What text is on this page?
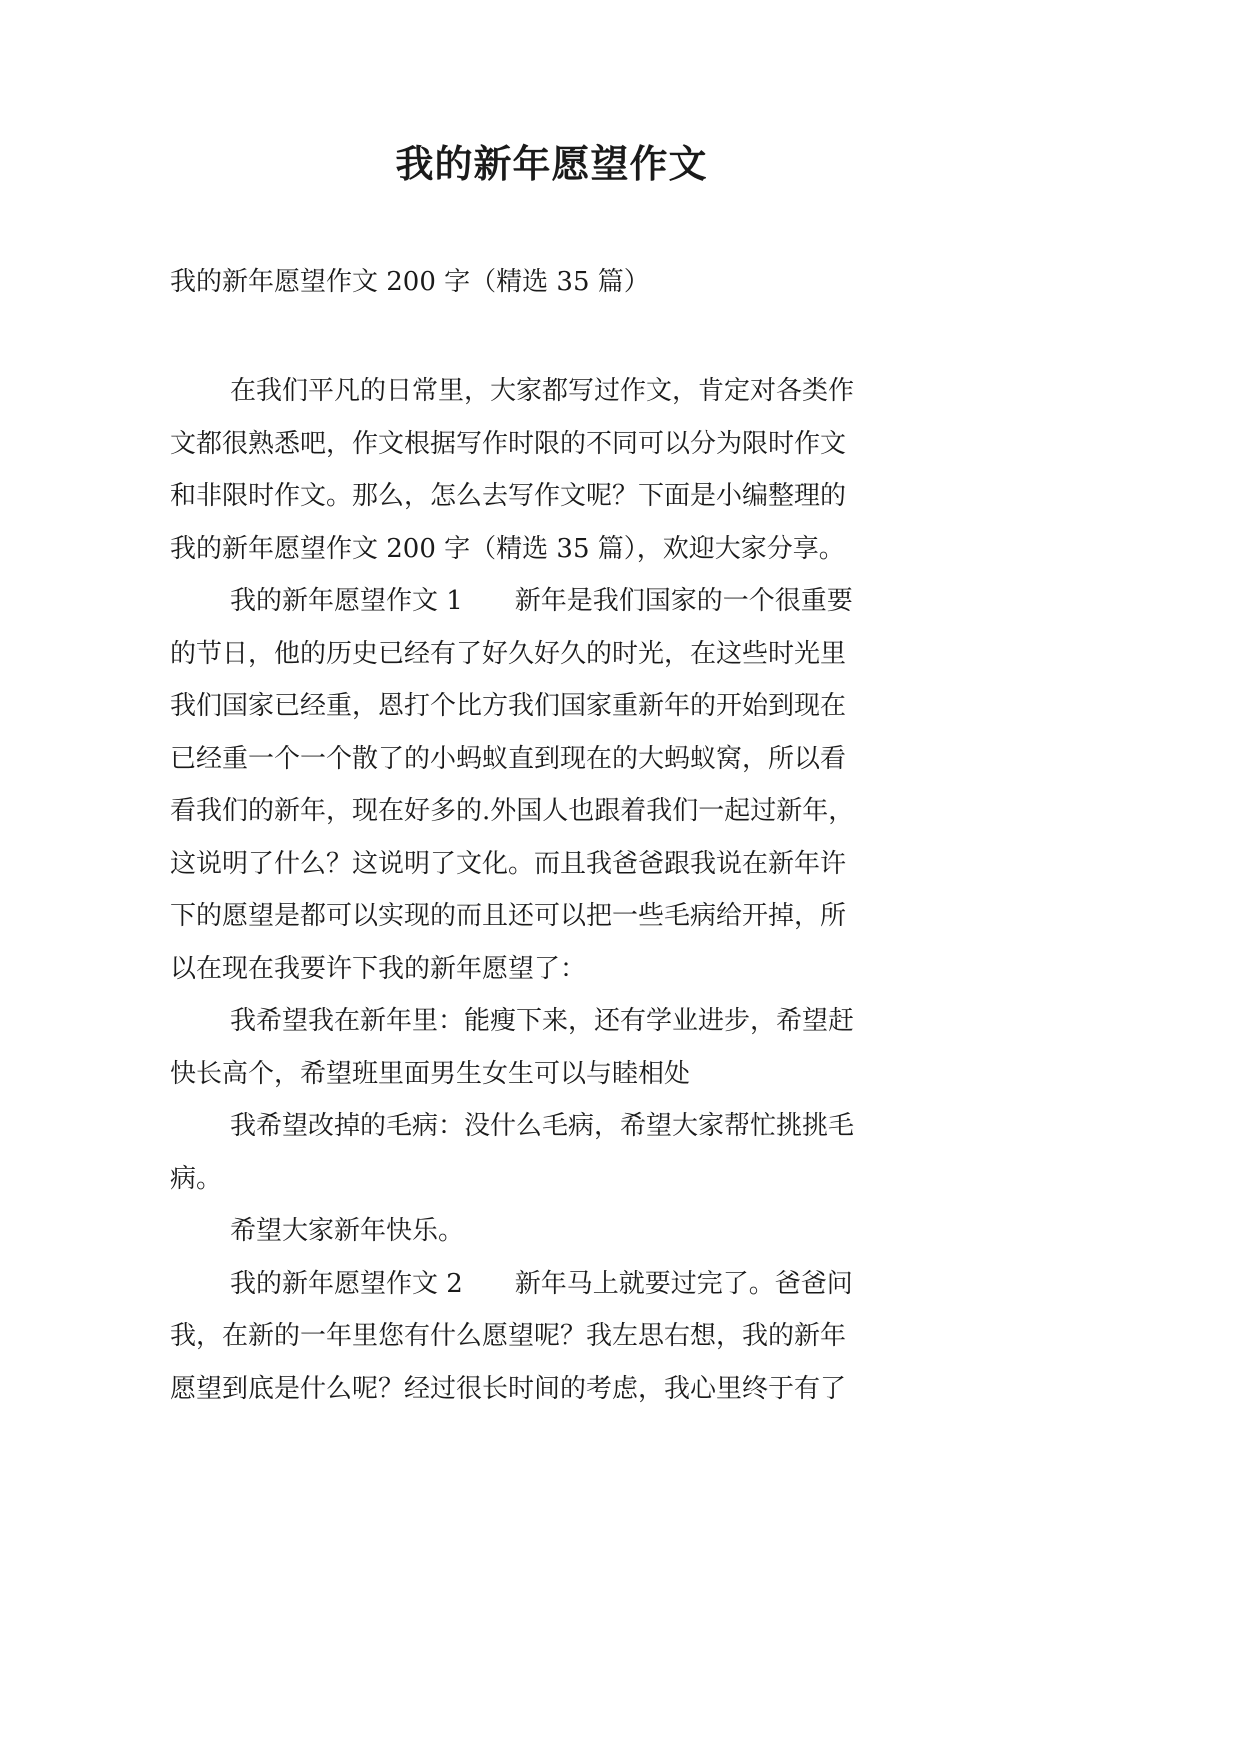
我的新年愿望作文

我的新年愿望作文 200 字（精选 35 篇）

在我们平凡的日常里，大家都写过作文，肯定对各类作
文都很熟悉吧，作文根据写作时限的不同可以分为限时作文
和非限时作文。那么，怎么去写作文呢？下面是小编整理的
我的新年愿望作文 200 字（精选 35 篇），欢迎大家分享。

我的新年愿望作文 1　　新年是我们国家的一个很重要
的节日，他的历史已经有了好久好久的时光，在这些时光里
我们国家已经重，恩打个比方我们国家重新年的开始到现在
已经重一个一个散了的小蚂蚁直到现在的大蚂蚁窝，所以看
看我们的新年，现在好多的.外国人也跟着我们一起过新年，
这说明了什么？这说明了文化。而且我爸爸跟我说在新年许
下的愿望是都可以实现的而且还可以把一些毛病给开掉，所
以在现在我要许下我的新年愿望了：

我希望我在新年里：能瘦下来，还有学业进步，希望赶
快长高个，希望班里面男生女生可以与睦相处

我希望改掉的毛病：没什么毛病，希望大家帮忙挑挑毛
病。

希望大家新年快乐。

我的新年愿望作文 2　　新年马上就要过完了。爸爸问
我，在新的一年里您有什么愿望呢？我左思右想，我的新年
愿望到底是什么呢？经过很长时间的考虑，我心里终于有了
